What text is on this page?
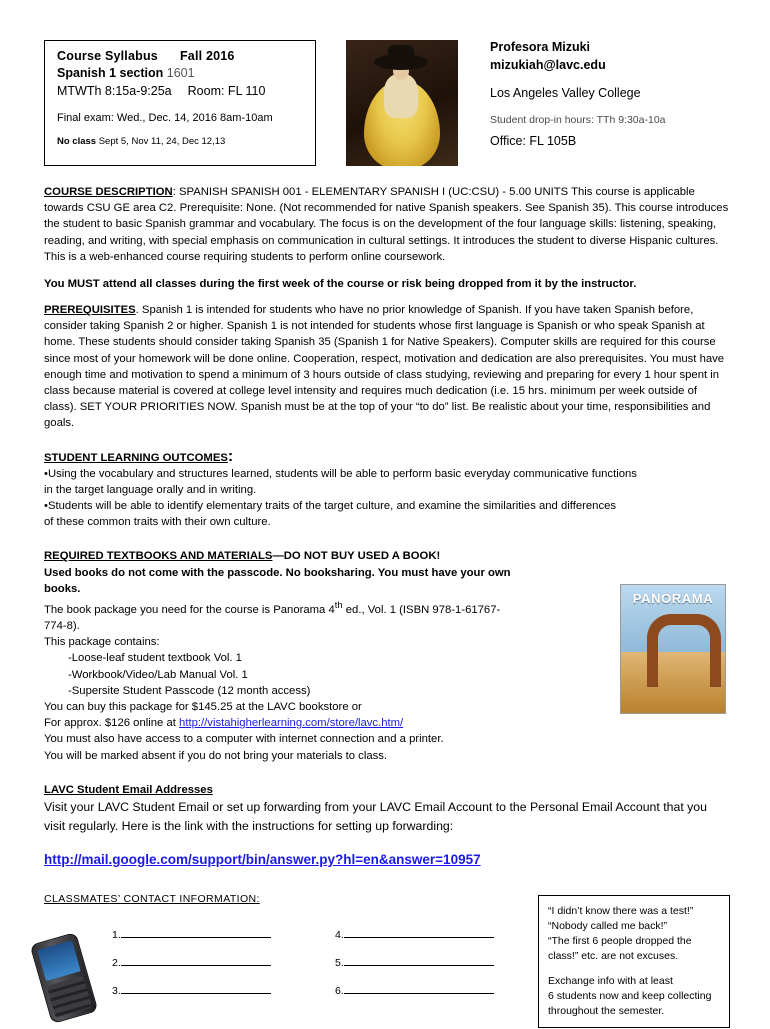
Course Syllabus Fall 2016
Spanish 1 section 1601
MTWTh 8:15a-9:25a Room: FL 110
Final exam: Wed., Dec. 14, 2016 8am-10am
No class Sept 5, Nov 11, 24, Dec 12,13
Profesora Mizuki
mizukiah@lavc.edu
Los Angeles Valley College
Student drop-in hours: TTh 9:30a-10a
Office: FL 105B
COURSE DESCRIPTION: SPANISH SPANISH 001 - ELEMENTARY SPANISH I (UC:CSU) - 5.00 UNITS This course is applicable towards CSU GE area C2. Prerequisite: None. (Not recommended for native Spanish speakers. See Spanish 35). This course introduces the student to basic Spanish grammar and vocabulary. The focus is on the development of the four language skills: listening, speaking, reading, and writing, with special emphasis on communication in cultural settings. It introduces the student to diverse Hispanic cultures. This is a web-enhanced course requiring students to perform online coursework.
You MUST attend all classes during the first week of the course or risk being dropped from it by the instructor.
PREREQUISITES. Spanish 1 is intended for students who have no prior knowledge of Spanish. If you have taken Spanish before, consider taking Spanish 2 or higher. Spanish 1 is not intended for students whose first language is Spanish or who speak Spanish at home. These students should consider taking Spanish 35 (Spanish 1 for Native Speakers). Computer skills are required for this course since most of your homework will be done online. Cooperation, respect, motivation and dedication are also prerequisites. You must have enough time and motivation to spend a minimum of 3 hours outside of class studying, reviewing and preparing for every 1 hour spent in class because material is covered at college level intensity and requires much dedication (i.e. 15 hrs. minimum per week outside of class). SET YOUR PRIORITIES NOW. Spanish must be at the top of your “to do” list. Be realistic about your time, responsibilities and goals.
STUDENT LEARNING OUTCOMES:
•Using the vocabulary and structures learned, students will be able to perform basic everyday communicative functions
in the target language orally and in writing.
•Students will be able to identify elementary traits of the target culture, and examine the similarities and differences
of these common traits with their own culture.
REQUIRED TEXTBOOKS AND MATERIALS—DO NOT BUY USED A BOOK!
Used books do not come with the passcode. No booksharing. You must have your own books.
The book package you need for the course is Panorama 4th ed., Vol. 1 (ISBN 978-1-61767-774-8).
This package contains:
-Loose-leaf student textbook Vol. 1
-Workbook/Video/Lab Manual Vol. 1
-Supersite Student Passcode (12 month access)
You can buy this package for $145.25 at the LAVC bookstore or
For approx. $126 online at http://vistahigherlearning.com/store/lavc.htm/
You must also have access to a computer with internet connection and a printer.
You will be marked absent if you do not bring your materials to class.
PANORAMA
LAVC Student Email Addresses
Visit your LAVC Student Email or set up forwarding from your LAVC Email Account to the Personal Email Account that you visit regularly. Here is the link with the instructions for setting up forwarding:
http://mail.google.com/support/bin/answer.py?hl=en&answer=10957
CLASSMATES’ CONTACT INFORMATION:
1.	4.
2.	5.
3.	6.
“I didn’t know there was a test!”
“Nobody called me back!”
“The first 6 people dropped the
class!” etc. are not excuses.
Exchange info with at least
6 students now and keep collecting
throughout the semester.
